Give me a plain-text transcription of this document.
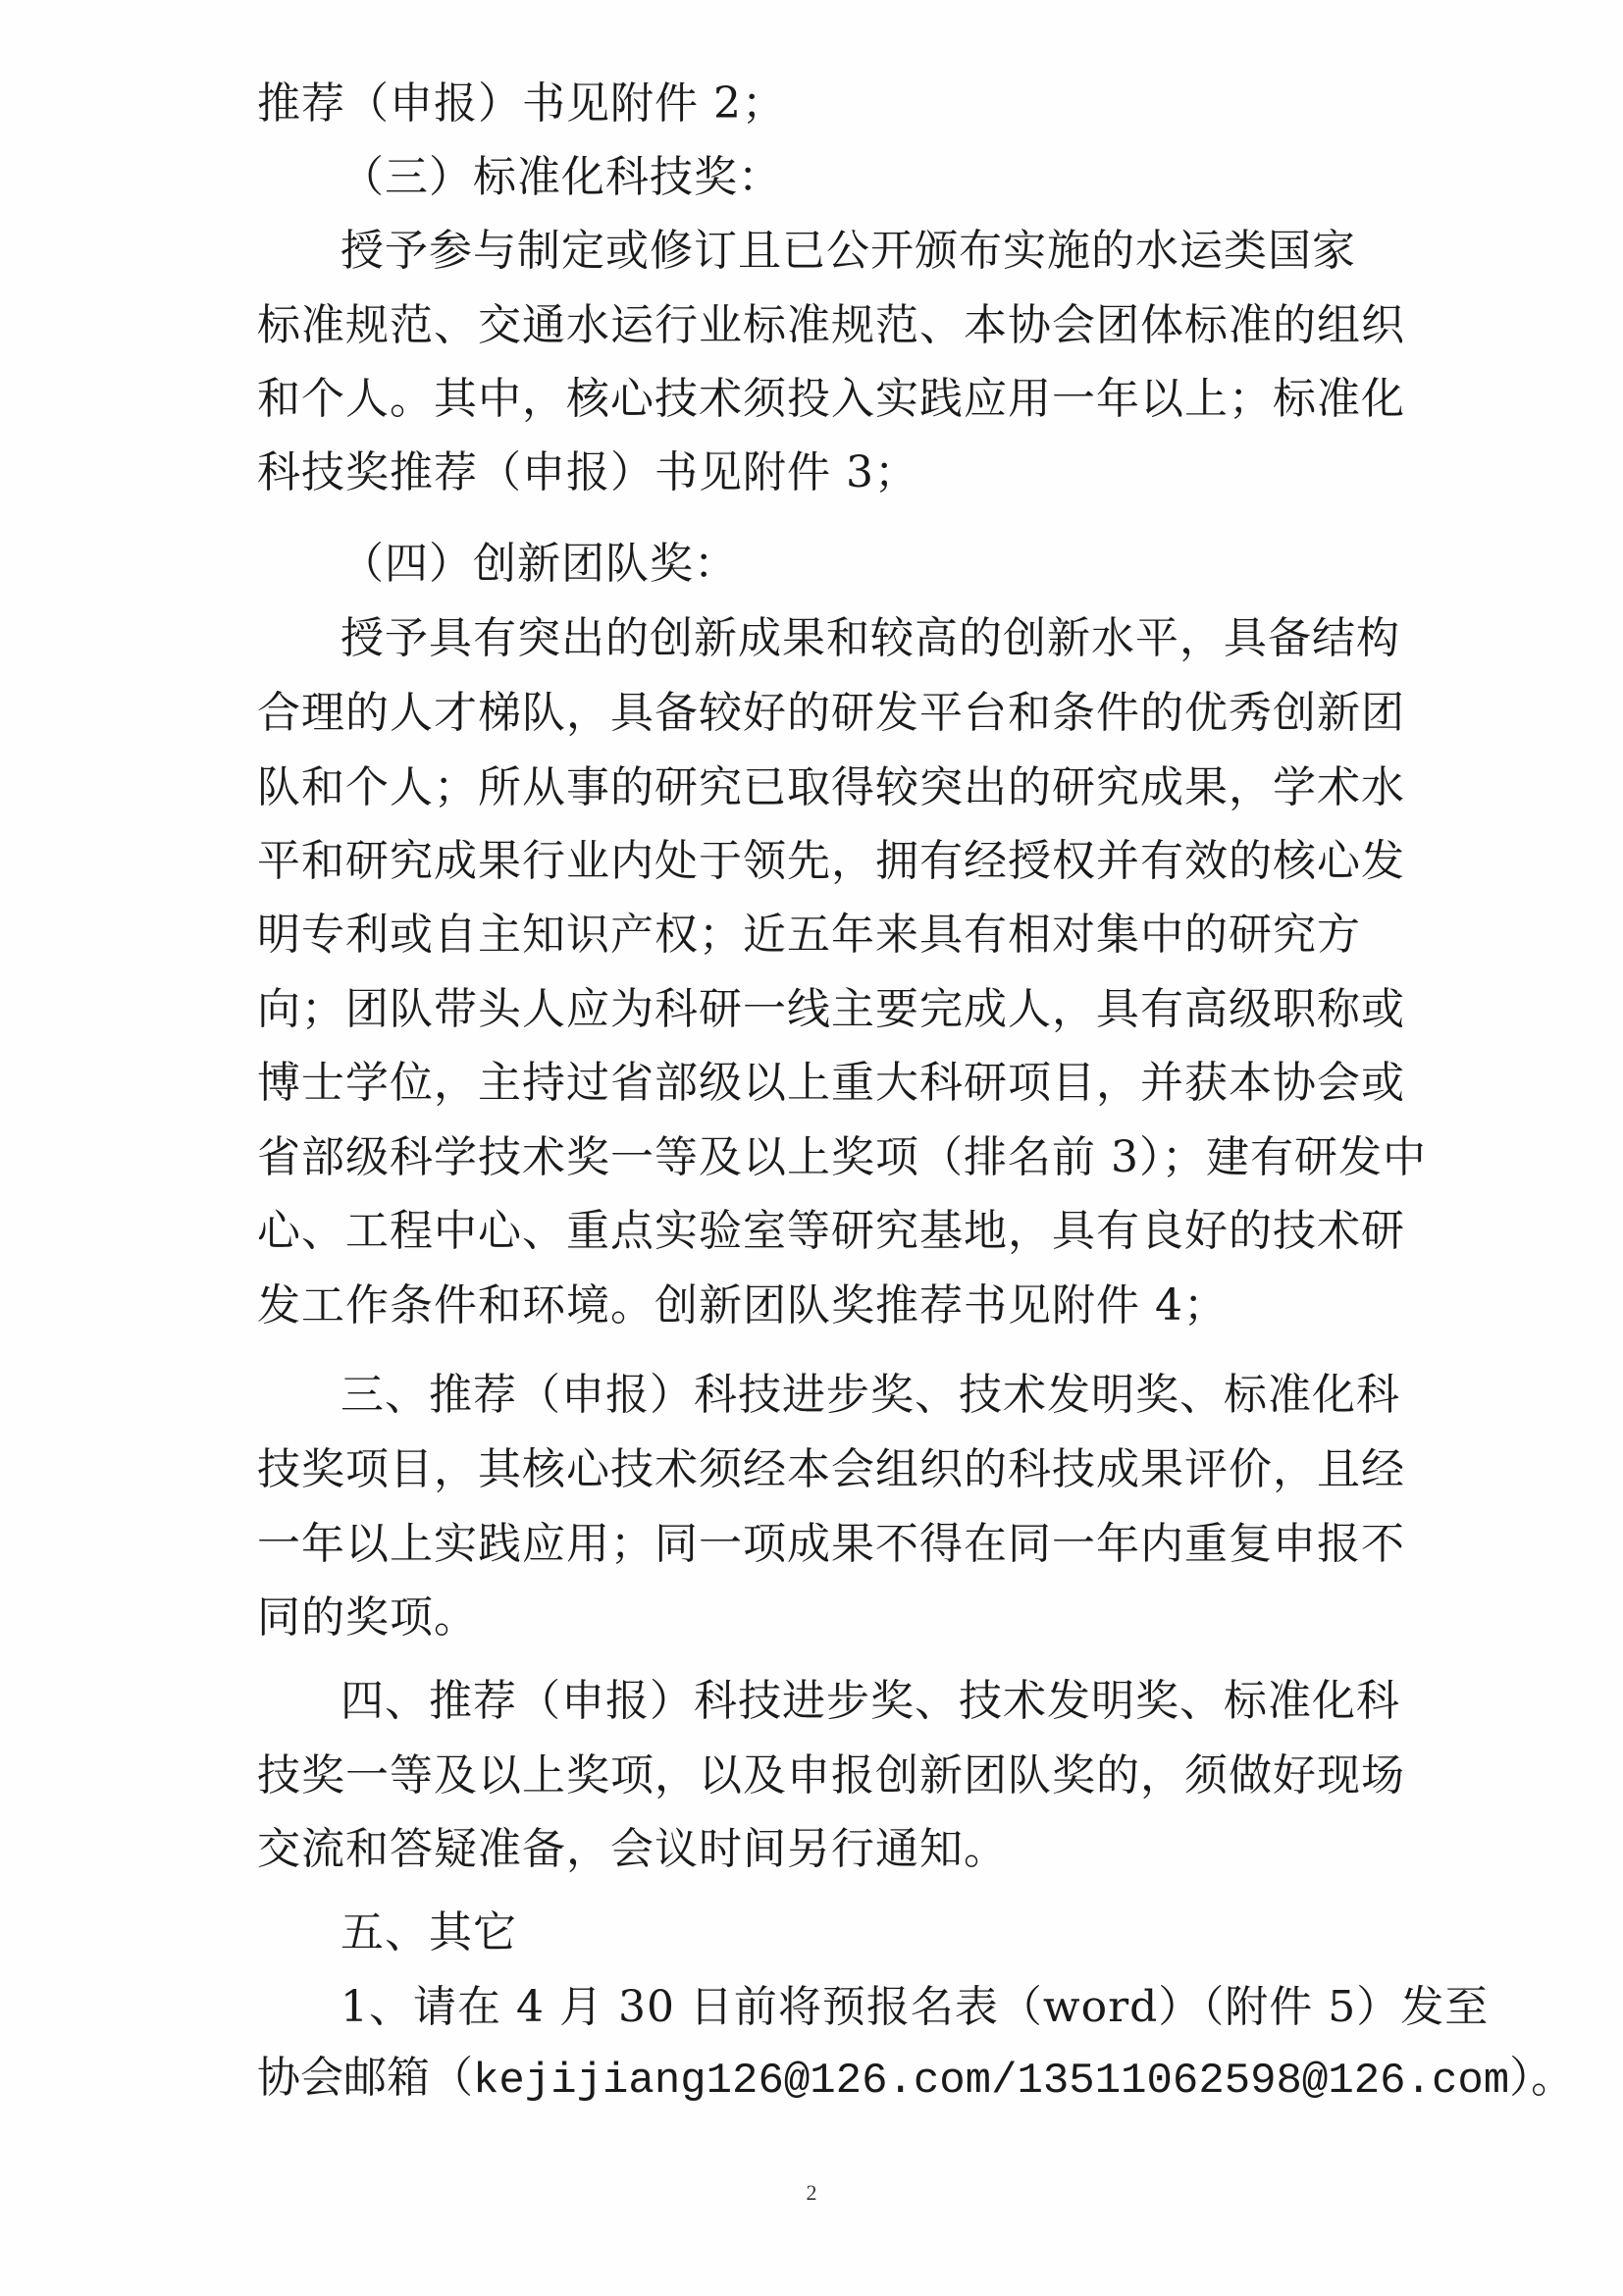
推荐（申报）书见附件 2；
（三）标准化科技奖：
授予参与制定或修订且已公开颁布实施的水运类国家
标准规范、交通水运行业标准规范、本协会团体标准的组织
和个人。其中，核心技术须投入实践应用一年以上；标准化
科技奖推荐（申报）书见附件 3；
（四）创新团队奖：
授予具有突出的创新成果和较高的创新水平，具备结构
合理的人才梯队，具备较好的研发平台和条件的优秀创新团
队和个人；所从事的研究已取得较突出的研究成果，学术水
平和研究成果行业内处于领先，拥有经授权并有效的核心发
明专利或自主知识产权；近五年来具有相对集中的研究方
向；团队带头人应为科研一线主要完成人，具有高级职称或
博士学位，主持过省部级以上重大科研项目，并获本协会或
省部级科学技术奖一等及以上奖项（排名前 3）；建有研发中
心、工程中心、重点实验室等研究基地，具有良好的技术研
发工作条件和环境。创新团队奖推荐书见附件 4；
三、推荐（申报）科技进步奖、技术发明奖、标准化科
技奖项目，其核心技术须经本会组织的科技成果评价，且经
一年以上实践应用；同一项成果不得在同一年内重复申报不
同的奖项。
四、推荐（申报）科技进步奖、技术发明奖、标准化科
技奖一等及以上奖项，以及申报创新团队奖的，须做好现场
交流和答疑准备，会议时间另行通知。
五、其它
1、请在 4 月 30 日前将预报名表（word）（附件 5）发至
协会邮箱（kejijiang126@126.com/13511062598@126.com）。
2
